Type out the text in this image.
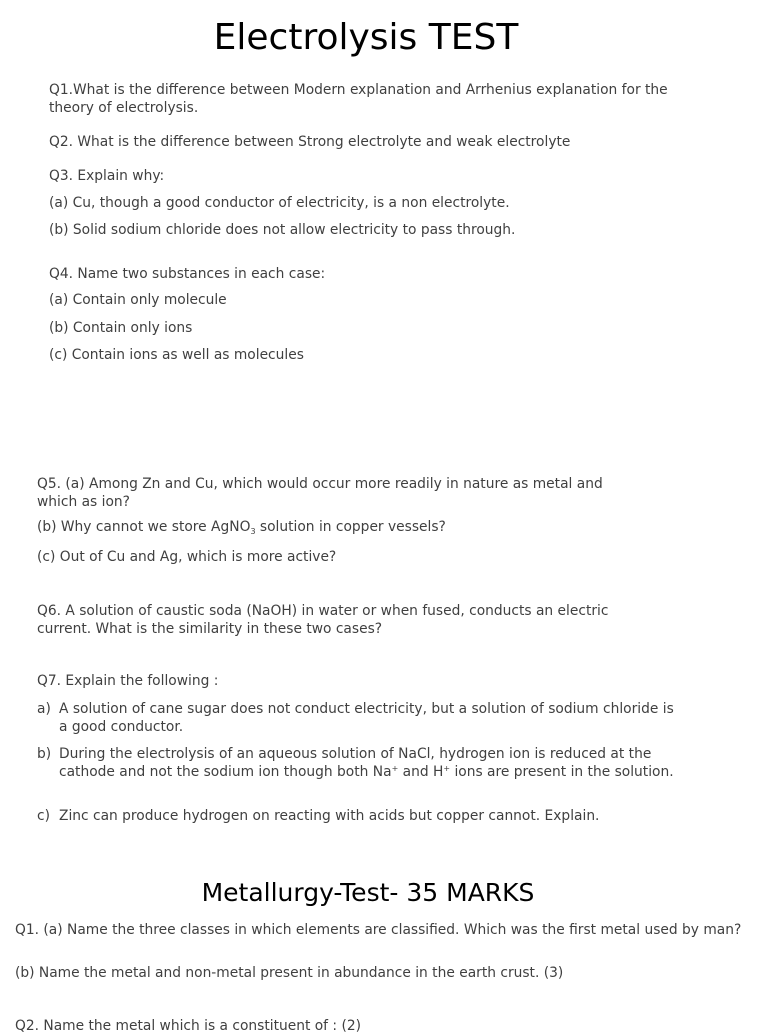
Electrolysis TEST
Q1.What is the difference between Modern explanation and Arrhenius explanation for the theory of electrolysis.
Q2. What is the difference between Strong electrolyte and weak electrolyte
Q3. Explain why:
(a) Cu, though a good conductor of electricity, is a non electrolyte.
(b) Solid sodium chloride does not allow electricity to pass through.
Q4. Name two substances in each case:
(a) Contain only molecule
(b) Contain only ions
(c) Contain ions as well as molecules
Q5. (a) Among Zn and Cu, which would occur more readily in nature as metal and which as ion?
(b) Why cannot we store AgNO$_3$ solution in copper vessels?
(c) Out of Cu and Ag, which is more active?
Q6. A solution of caustic soda (NaOH) in water or when fused, conducts an electric current. What is the similarity in these two cases?
Q7. Explain the following :
a) A solution of cane sugar does not conduct electricity, but a solution of sodium chloride is a good conductor.
b) During the electrolysis of an aqueous solution of NaCl, hydrogen ion is reduced at the cathode and not the sodium ion though both Na+ and H+ ions are present in the solution.
c) Zinc can produce hydrogen on reacting with acids but copper cannot. Explain.
Metallurgy-Test- 35 MARKS
Q1. (a) Name the three classes in which elements are classified. Which was the first metal used by man?
(b) Name the metal and non-metal present in abundance in the earth crust. (3)
Q2. Name the metal which is a constituent of : (2)
